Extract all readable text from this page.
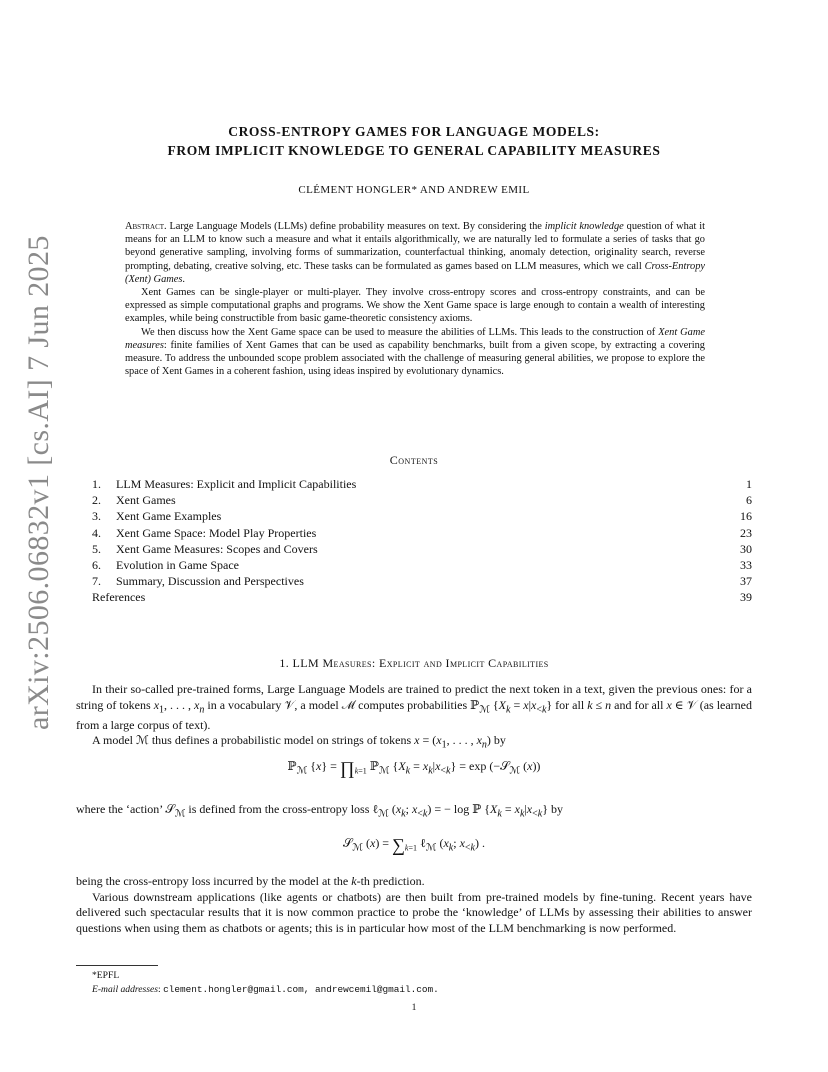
arXiv:2506.06832v1 [cs.AI] 7 Jun 2025
CROSS-ENTROPY GAMES FOR LANGUAGE MODELS:
FROM IMPLICIT KNOWLEDGE TO GENERAL CAPABILITY MEASURES
CLÉMENT HONGLER* AND ANDREW EMIL

Abstract. Large Language Models (LLMs) define probability measures on text. By considering the implicit knowledge question of what it means for an LLM to know such a measure and what it entails algorithmically, we are naturally led to formulate a series of tasks that go beyond generative sampling, involving forms of summarization, counterfactual thinking, anomaly detection, originality search, reverse prompting, debating, creative solving, etc. These tasks can be formulated as games based on LLM measures, which we call Cross-Entropy (Xent) Games.

Xent Games can be single-player or multi-player. They involve cross-entropy scores and cross-entropy constraints, and can be expressed as simple computational graphs and programs. We show the Xent Game space is large enough to contain a wealth of interesting examples, while being constructible from basic game-theoretic consistency axioms.

We then discuss how the Xent Game space can be used to measure the abilities of LLMs. This leads to the construction of Xent Game measures: finite families of Xent Games that can be used as capability benchmarks, built from a given scope, by extracting a covering measure. To address the unbounded scope problem associated with the challenge of measuring general abilities, we propose to explore the space of Xent Games in a coherent fashion, using ideas inspired by evolutionary dynamics.

Contents
1. LLM Measures: Explicit and Implicit Capabilities	1
2. Xent Games	6
3. Xent Game Examples	16
4. Xent Game Space: Model Play Properties	23
5. Xent Game Measures: Scopes and Covers	30
6. Evolution in Game Space	33
7. Summary, Discussion and Perspectives	37
References	39
1. LLM Measures: Explicit and Implicit Capabilities

In their so-called pre-trained forms, Large Language Models are trained to predict the next token in a text, given the previous ones: for a string of tokens $x_1$, . . . , $x_n$ in a vocabulary 𝒱, a model ℳ computes probabilities ℙ$_ℳ$ $\{X_k = x|x_{<k}\}$ for all k ≤ n and for all x ∈ 𝒱 (as learned from a large corpus of text).

A model ℳ thus defines a probabilistic model on strings of tokens $x = (x_1$, . . . , $x_n$) by

ℙ$_ℳ$ $\{x\} = \prod_{k=1}$ ℙ$_ℳ$ $\{X_k = x_k|x_{<k}\} = \exp$ (−𝒮$_ℳ$ (x))

where the ‘action’ 𝒮$_ℳ$ is defined from the cross-entropy loss ℓ$_ℳ$ ($x_k$; $x_{<k}$) = − log ℙ $\{X_k = x_k|x_{<k}\}$ by

𝒮$_ℳ$ $(x) = \sum_{k=1}$ ℓ$_ℳ$ ($x_k$; $x_{<k}$) .

being the cross-entropy loss incurred by the model at the k-th prediction.

Various downstream applications (like agents or chatbots) are then built from pre-trained models by fine-tuning. Recent years have delivered such spectacular results that it is now common practice to probe the ‘knowledge’ of LLMs by assessing their abilities to answer questions when using them as chatbots or agents; this is in particular how most of the LLM benchmarking is now performed.

*EPFL
E-mail addresses: clement.hongler@gmail.com, andrewcemil@gmail.com.
1
